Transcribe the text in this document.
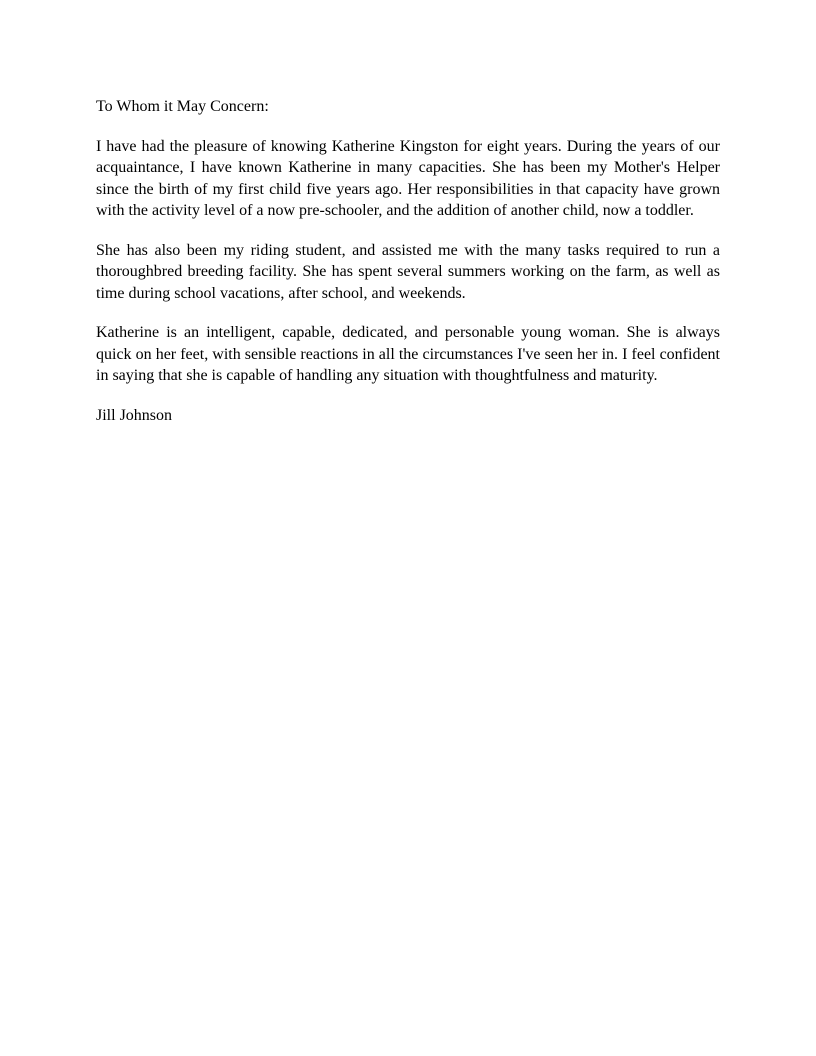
To Whom it May Concern:

I have had the pleasure of knowing Katherine Kingston for eight years. During the years of our acquaintance, I have known Katherine in many capacities. She has been my Mother's Helper since the birth of my first child five years ago. Her responsibilities in that capacity have grown with the activity level of a now pre-schooler, and the addition of another child, now a toddler.

She has also been my riding student, and assisted me with the many tasks required to run a thoroughbred breeding facility. She has spent several summers working on the farm, as well as time during school vacations, after school, and weekends.

Katherine is an intelligent, capable, dedicated, and personable young woman. She is always quick on her feet, with sensible reactions in all the circumstances I've seen her in. I feel confident in saying that she is capable of handling any situation with thoughtfulness and maturity.

Jill Johnson
